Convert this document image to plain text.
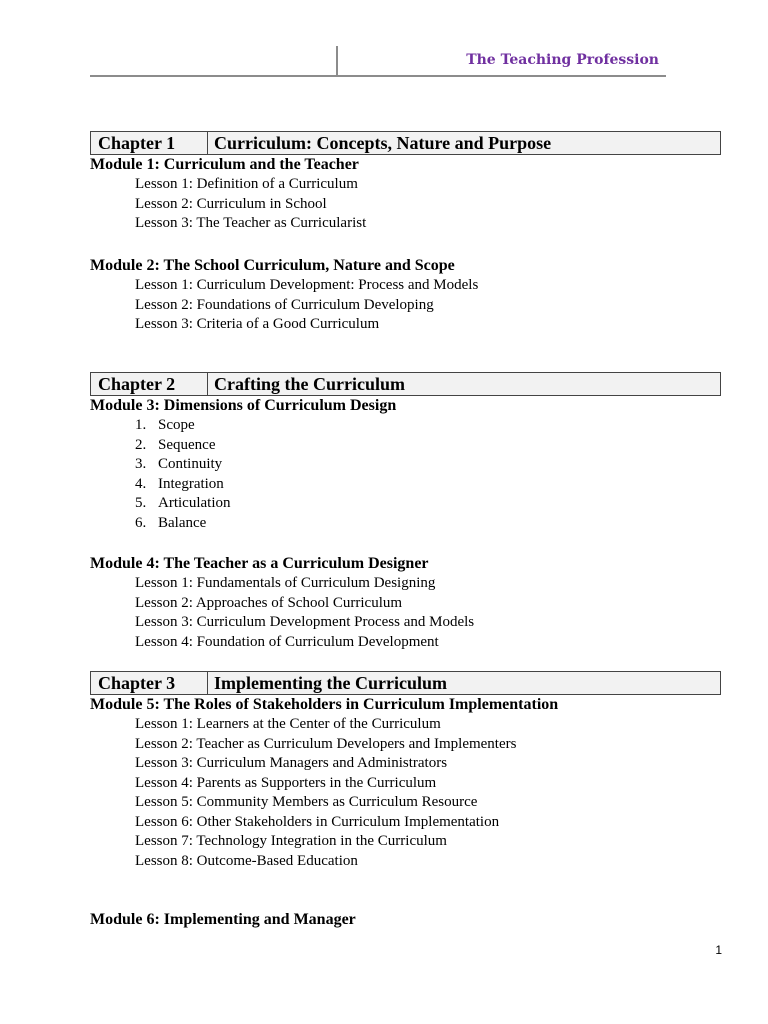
The Teaching Profession
Chapter 1	Curriculum: Concepts, Nature and Purpose
Module 1: Curriculum and the Teacher
Lesson 1: Definition of a Curriculum
Lesson 2: Curriculum in School
Lesson 3: The Teacher as Curricularist
Module 2: The School Curriculum, Nature and Scope
Lesson 1: Curriculum Development: Process and Models
Lesson 2: Foundations of Curriculum Developing
Lesson 3: Criteria of a Good Curriculum
Chapter 2	Crafting the Curriculum
Module 3: Dimensions of Curriculum Design
1. Scope
2. Sequence
3. Continuity
4. Integration
5. Articulation
6. Balance
Module 4: The Teacher as a Curriculum Designer
Lesson 1: Fundamentals of Curriculum Designing
Lesson 2: Approaches of School Curriculum
Lesson 3: Curriculum Development Process and Models
Lesson 4: Foundation of Curriculum Development
Chapter 3	Implementing the Curriculum
Module 5: The Roles of Stakeholders in Curriculum Implementation
Lesson 1: Learners at the Center of the Curriculum
Lesson 2: Teacher as Curriculum Developers and Implementers
Lesson 3: Curriculum Managers and Administrators
Lesson 4: Parents as Supporters in the Curriculum
Lesson 5: Community Members as Curriculum Resource
Lesson 6: Other Stakeholders in Curriculum Implementation
Lesson 7: Technology Integration in the Curriculum
Lesson 8: Outcome-Based Education
Module 6: Implementing and Manager
1
